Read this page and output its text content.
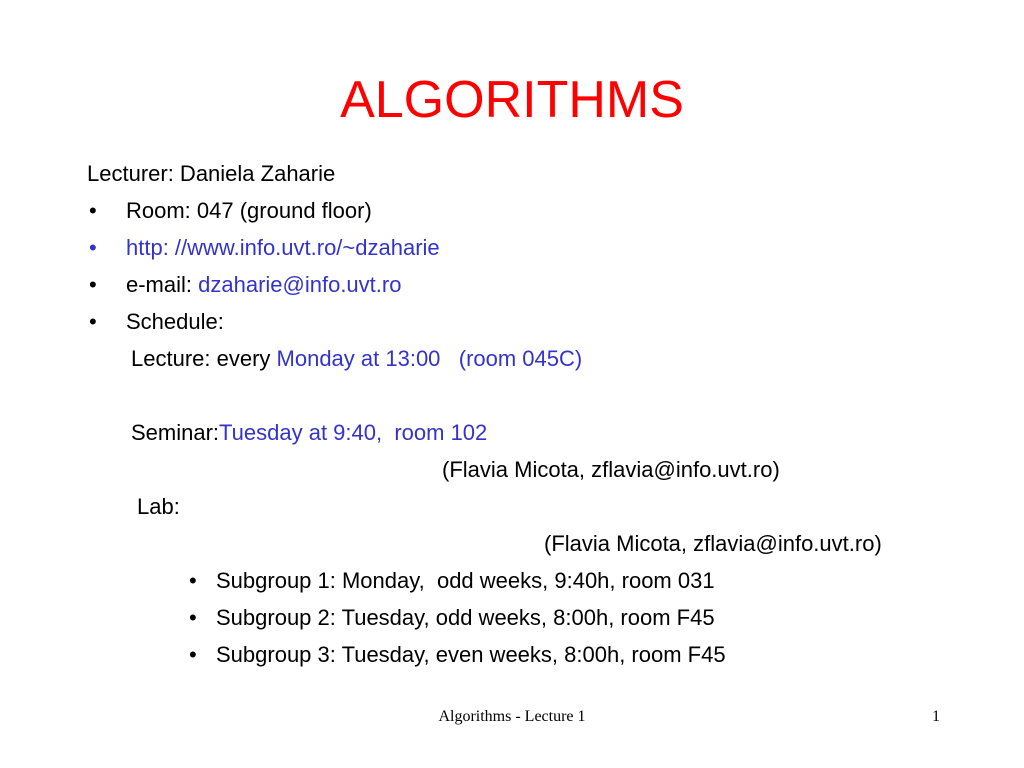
ALGORITHMS
Lecturer: Daniela Zaharie
• Room: 047 (ground floor)
• http: //www.info.uvt.ro/~dzaharie
• e-mail: dzaharie@info.uvt.ro
• Schedule:
Lecture: every Monday at 13:00   (room 045C)
Seminar:Tuesday at 9:40,  room 102
(Flavia Micota, zflavia@info.uvt.ro)
Lab:
(Flavia Micota, zflavia@info.uvt.ro)
• Subgroup 1: Monday,  odd weeks, 9:40h, room 031
• Subgroup 2: Tuesday, odd weeks, 8:00h, room F45
• Subgroup 3: Tuesday, even weeks, 8:00h, room F45
Algorithms - Lecture 1	1
